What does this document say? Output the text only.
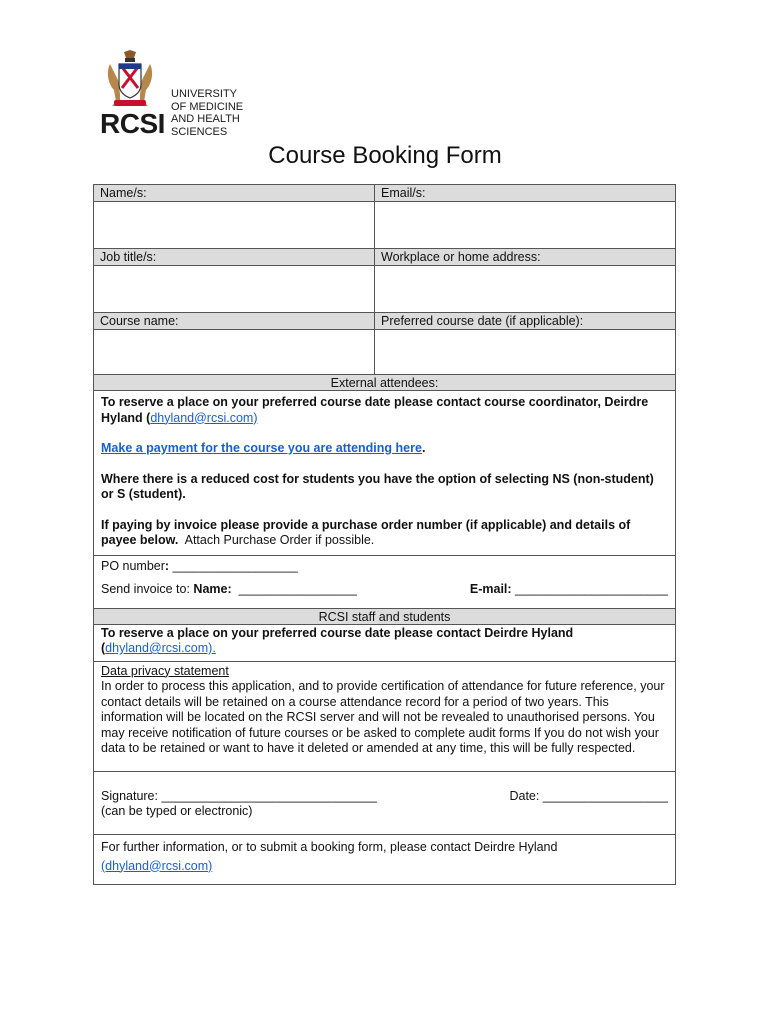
RCSI
UNIVERSITY
OF MEDICINE
AND HEALTH
SCIENCES
Course Booking Form
Name/s:	Email/s:
Job title/s:	Workplace or home address:
Course name:	Preferred course date (if applicable):
External attendees:
To reserve a place on your preferred course date please contact course coordinator, Deirdre Hyland (dhyland@rcsi.com)
Make a payment for the course you are attending here.
Where there is a reduced cost for students you have the option of selecting NS (non-student) or S (student).
If paying by invoice please provide a purchase order number (if applicable) and details of payee below. Attach Purchase Order if possible.
PO number: __________________
Send invoice to: Name: _________________	E-mail: ______________________
RCSI staff and students
To reserve a place on your preferred course date please contact Deirdre Hyland (dhyland@rcsi.com).
Data privacy statement
In order to process this application, and to provide certification of attendance for future reference, your contact details will be retained on a course attendance record for a period of two years. This information will be located on the RCSI server and will not be revealed to unauthorised persons. You may receive notification of future courses or be asked to complete audit forms If you do not wish your data to be retained or want to have it deleted or amended at any time, this will be fully respected.
Signature: _______________________________	Date: __________________
(can be typed or electronic)
For further information, or to submit a booking form, please contact Deirdre Hyland
(dhyland@rcsi.com)
